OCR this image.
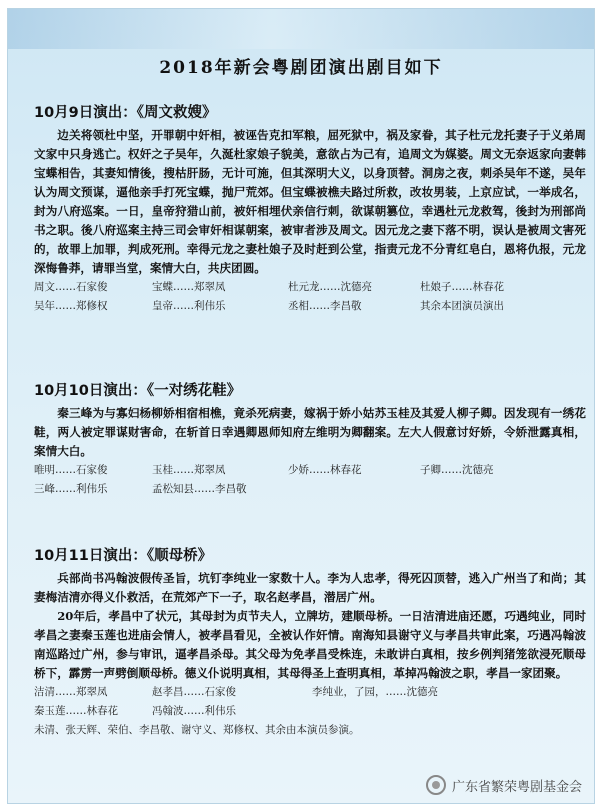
2018年新会粤剧团演出剧目如下
10月9日演出：《周文救嫂》

边关将领杜中坚，开罪朝中奸相，被诬告克扣军粮，屈死狱中，祸及家眷，其子杜元龙托妻子于义弟周文家中只身逃亡。权奸之子吴年，久涎杜家娘子貌美，意欲占为己有，追周文为媒婆。周文无奈返家向妻韩宝蝶相告，其妻知情後，搜枯肝肠，无计可施，但其深明大义，以身顶替。洞房之夜，刺杀吴年不遂，吴年认为周文预谋，逼他亲手打死宝蝶，抛尸荒郊。但宝蝶被樵夫路过所救，改妆男装，上京应试，一举成名，封为八府巡案。一日，皇帝狩猎山前，被奸相埋伏亲信行刺，欲谋朝篡位，幸遇杜元龙救驾，後封为刑部尚书之职。後八府巡案主持三司会审奸相谋朝案，被审者涉及周文。因元龙之妻下落不明，误认是被周文害死的，故罪上加罪，判成死刑。幸得元龙之妻杜娘子及时赶到公堂，指责元龙不分青红皂白，恩将仇报，元龙深悔鲁莽，请罪当堂，案情大白，共庆团圆。

周文……石家俊	宝蝶……郑翠凤	杜元龙……沈德亮	杜娘子……林春花
吴年……郑修权	皇帝……利伟乐	丞相……李昌敬	其余本团演员演出
10月10日演出：《一对绣花鞋》

秦三峰为与寡妇杨柳娇相宿相樵，竟杀死病妻，嫁祸于娇小姑苏玉桂及其爱人柳子卿。因发现有一绣花鞋，两人被定罪谋财害命，在斩首日幸遇卿恩师知府左维明为卿翻案。左大人假意讨好娇，令娇泄露真相，案情大白。

唯明……石家俊	玉桂……郑翠凤	少娇……林春花	子卿……沈德亮
三峰……利伟乐	孟松知县……李昌敬
10月11日演出：《顺母桥》

兵部尚书冯翰波假传圣旨，坑钉李纯业一家数十人。李为人忠孝，得死囚顶替，逃入广州当了和尚；其妻梅洁清亦得义仆救活，在荒郊产下一子，取名赵孝昌，潜居广州。

20年后，孝昌中了状元，其母封为贞节夫人，立牌坊，建顺母桥。一日洁清进庙还愿，巧遇纯业，同时孝昌之妻秦玉莲也进庙会情人，被孝昌看见，全被认作奸情。南海知县谢守义与孝昌共审此案，巧遇冯翰波南巡路过广州，参与审讯，逼孝昌杀母。其父母为免孝昌受株连，未敢讲白真相，按乡例判猪笼欲浸死顺母桥下，霹雳一声劈倒顺母桥。德义仆说明真相，其母得圣上查明真相，革掉冯翰波之职，孝昌一家团聚。

洁清……郑翠凤	赵孝昌……石家俊	李纯业，了园，……沈德亮
秦玉莲……林春花	冯翰波……利伟乐
未清、张天辉、荣伯、李昌敬、谢守义、郑修权、其余由本演员参演。
广东省繁荣粤剧基金会
